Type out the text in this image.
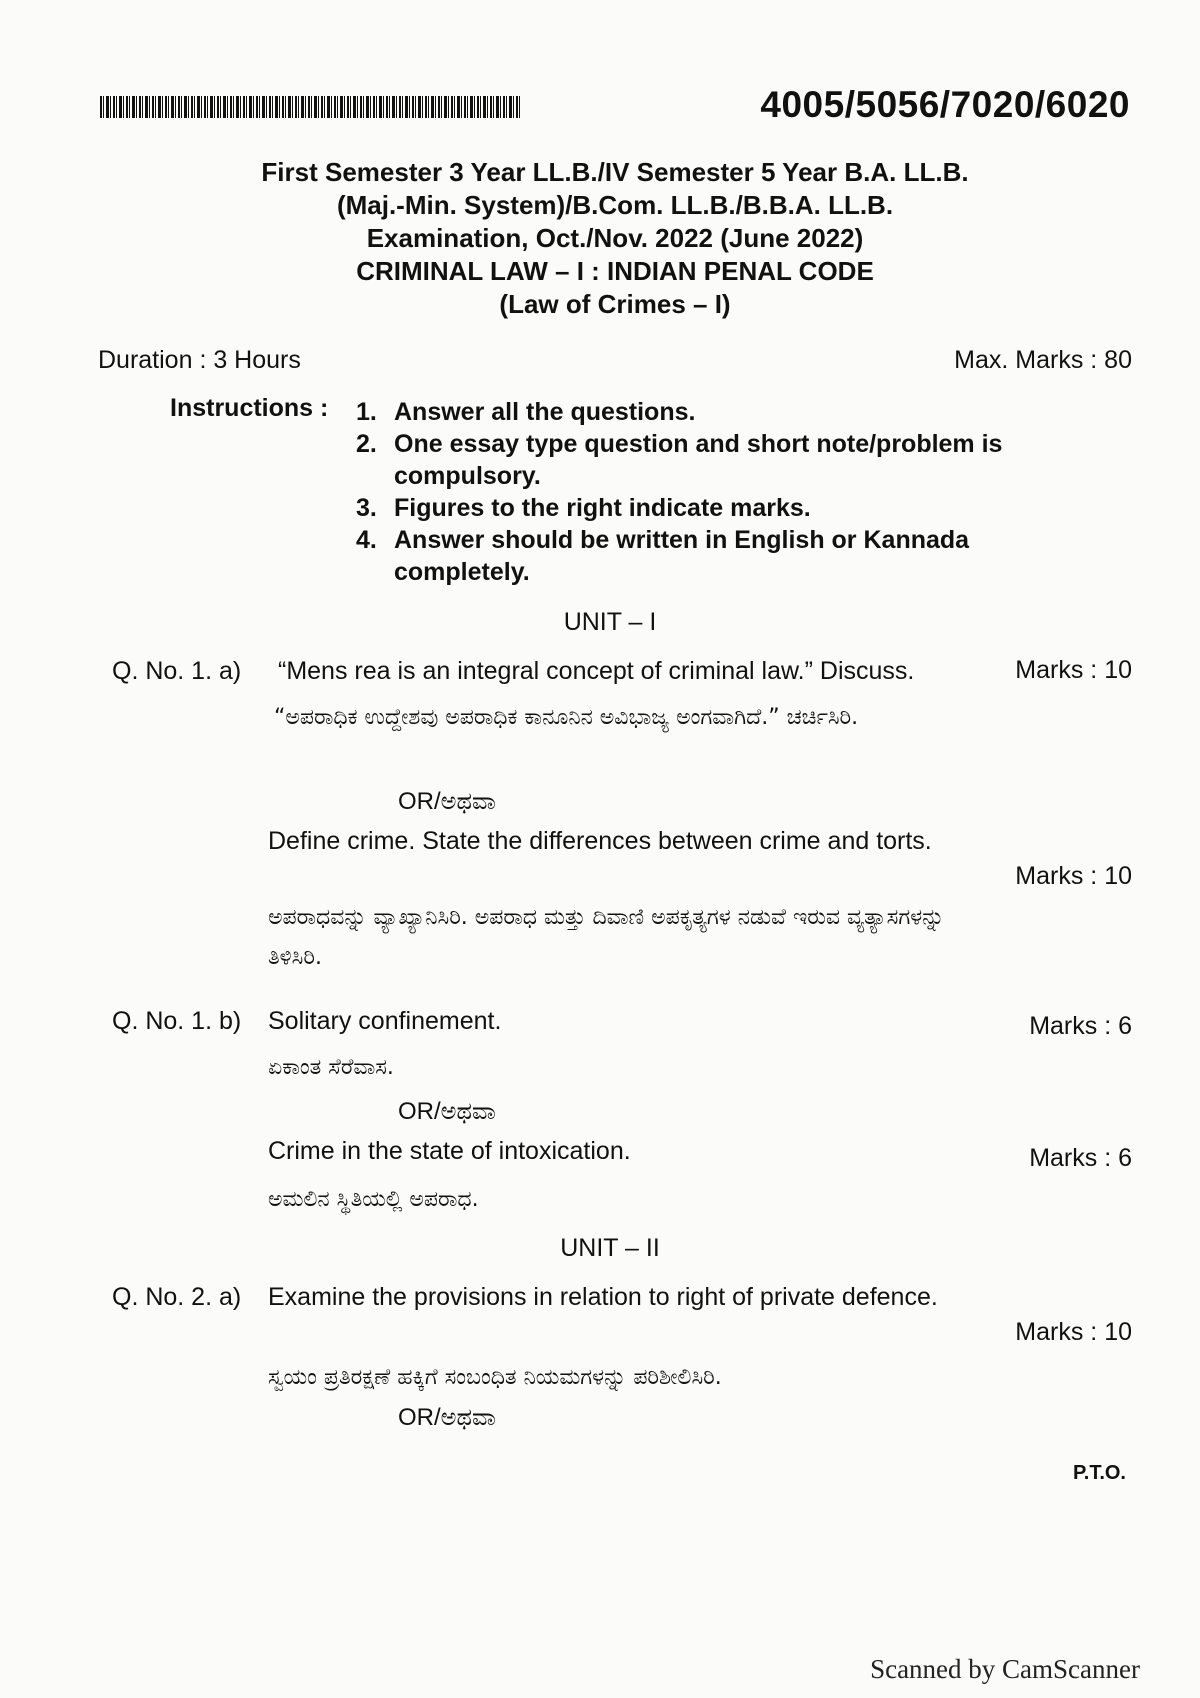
4005/5056/7020/6020
First Semester 3 Year LL.B./IV Semester 5 Year B.A. LL.B.
(Maj.-Min. System)/B.Com. LL.B./B.B.A. LL.B.
Examination, Oct./Nov. 2022 (June 2022)
CRIMINAL LAW – I : INDIAN PENAL CODE
(Law of Crimes – I)
Duration : 3 Hours	Max. Marks : 80
Instructions : 1. Answer all the questions.
2. One essay type question and short note/problem is compulsory.
3. Figures to the right indicate marks.
4. Answer should be written in English or Kannada completely.
UNIT – I
Q. No. 1. a) “Mens rea is an integral concept of criminal law.” Discuss.	Marks : 10
“ಅಪರಾಧಿಕ ಉದ್ದೇಶವು ಅಪರಾಧಿಕ ಕಾನೂನಿನ ಅವಿಭಾಜ್ಯ ಅಂಗವಾಗಿದೆ.” ಚರ್ಚಿಸಿರಿ.
OR/ಅಥವಾ
Define crime. State the differences between crime and torts.
Marks : 10
ಅಪರಾಧವನ್ನು ವ್ಯಾಖ್ಯಾನಿಸಿರಿ. ಅಪರಾಧ ಮತ್ತು ದಿವಾಣಿ ಅಪಕೃತ್ಯಗಳ ನಡುವೆ ಇರುವ ವ್ಯತ್ಯಾಸಗಳನ್ನು ತಿಳಿಸಿರಿ.
Q. No. 1. b) Solitary confinement.	Marks : 6
ಏಕಾಂತ ಸೆರೆವಾಸ.
OR/ಅಥವಾ
Crime in the state of intoxication.	Marks : 6
ಅಮಲಿನ ಸ್ಥಿತಿಯಲ್ಲಿ ಅಪರಾಧ.
UNIT – II
Q. No. 2. a) Examine the provisions in relation to right of private defence.
Marks : 10
ಸ್ವಯಂ ಪ್ರತಿರಕ್ಷಣೆ ಹಕ್ಕಿಗೆ ಸಂಬಂಧಿತ ನಿಯಮಗಳನ್ನು ಪರಿಶೀಲಿಸಿರಿ.
OR/ಅಥವಾ
P.T.O.
Scanned by CamScanner
